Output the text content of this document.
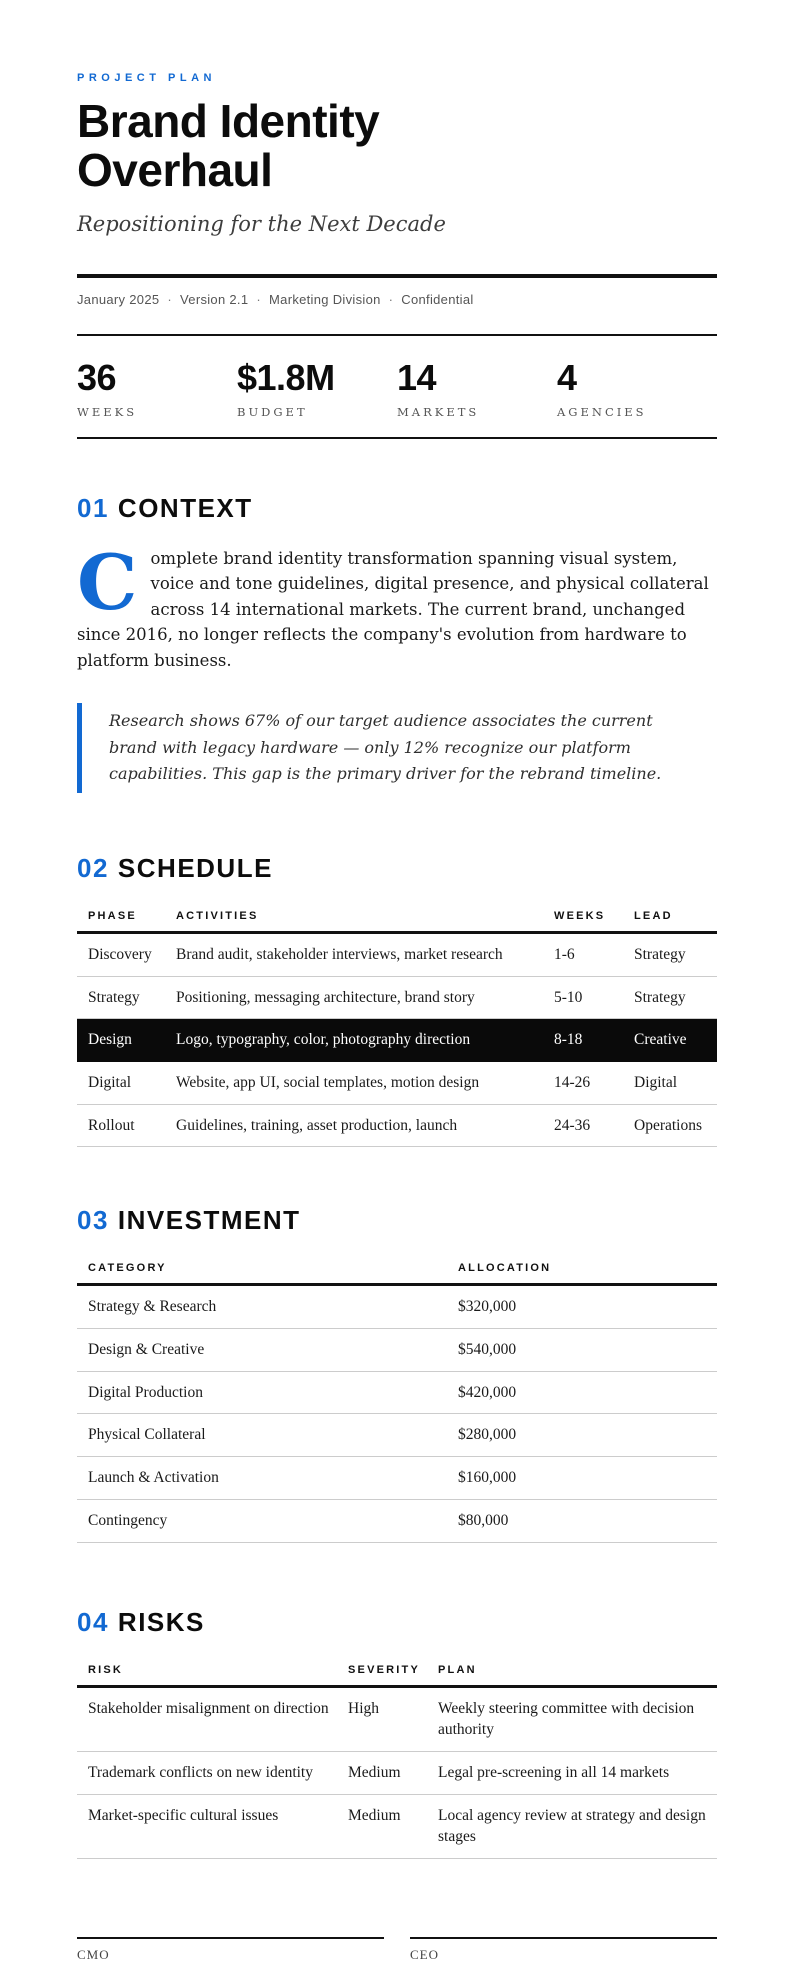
PROJECT PLAN
Brand Identity
Overhaul
Repositioning for the Next Decade
January 2025 · Version 2.1 · Marketing Division · Confidential
36
WEEKS
$1.8M
BUDGET
14
MARKETS
4
AGENCIES
01 CONTEXT

Complete brand identity transformation spanning visual system, voice and tone guidelines, digital presence, and physical collateral across 14 international markets. The current brand, unchanged since 2016, no longer reflects the company's evolution from hardware to platform business.

Research shows 67% of our target audience associates the current brand with legacy hardware — only 12% recognize our platform capabilities. This gap is the primary driver for the rebrand timeline.
02 SCHEDULE
PHASE	ACTIVITIES	WEEKS	LEAD
Discovery	Brand audit, stakeholder interviews, market research	1-6	Strategy
Strategy	Positioning, messaging architecture, brand story	5-10	Strategy
Design	Logo, typography, color, photography direction	8-18	Creative
Digital	Website, app UI, social templates, motion design	14-26	Digital
Rollout	Guidelines, training, asset production, launch	24-36	Operations
03 INVESTMENT
CATEGORY	ALLOCATION
Strategy & Research	$320,000
Design & Creative	$540,000
Digital Production	$420,000
Physical Collateral	$280,000
Launch & Activation	$160,000
Contingency	$80,000
04 RISKS
RISK	SEVERITY	PLAN
Stakeholder misalignment on direction	High	Weekly steering committee with decision authority
Trademark conflicts on new identity	Medium	Legal pre-screening in all 14 markets
Market-specific cultural issues	Medium	Local agency review at strategy and design stages
CMO	CEO
